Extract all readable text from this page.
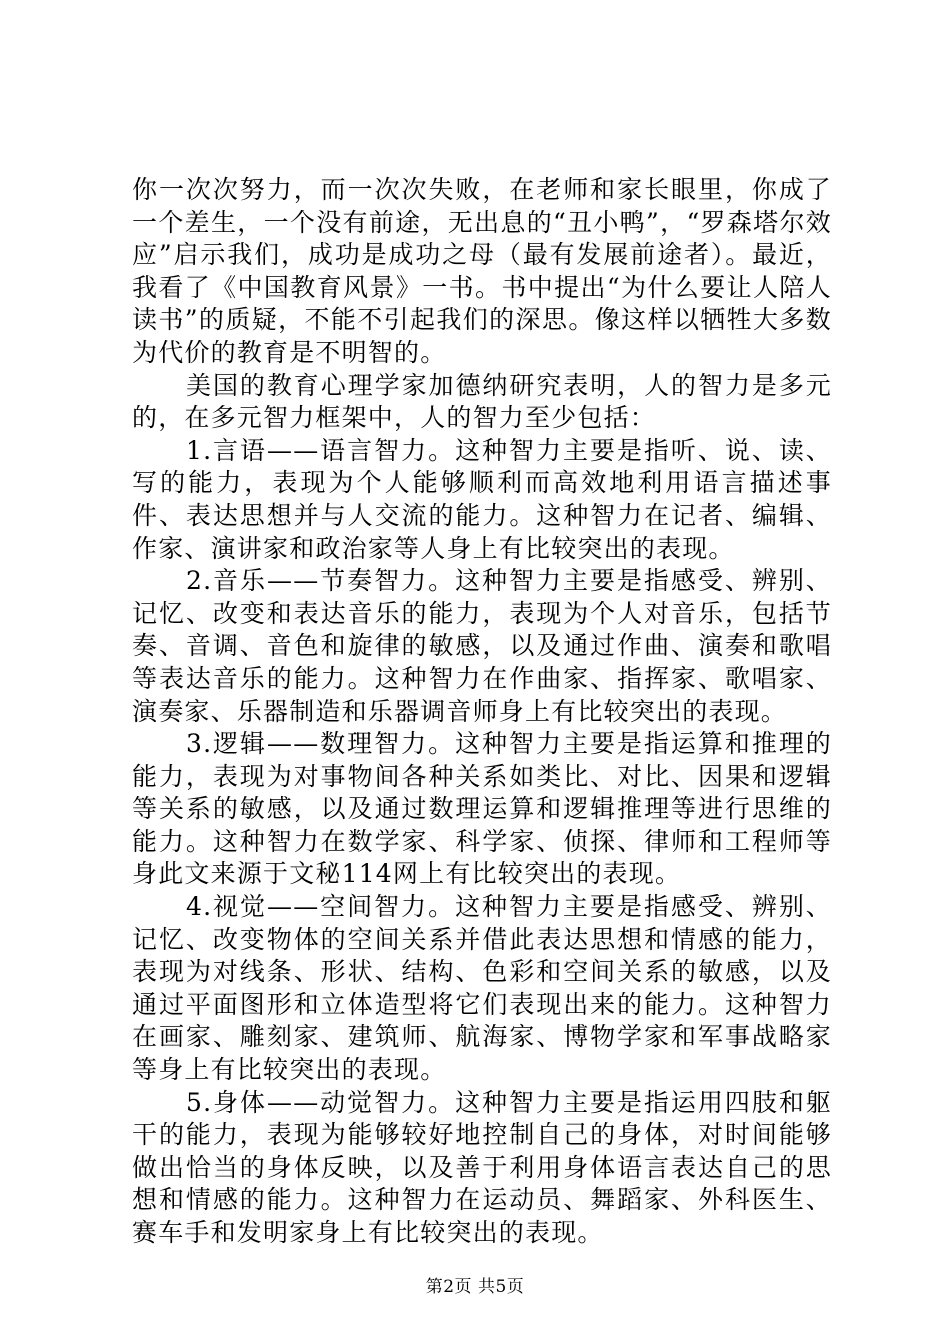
你一次次努力，而一次次失败，在老师和家长眼里，你成了一个差生，一个没有前途，无出息的“丑小鸭”，“罗森塔尔效应”启示我们，成功是成功之母（最有发展前途者）。最近，我看了《中国教育风景》一书。书中提出“为什么要让人陪人读书”的质疑，不能不引起我们的深思。像这样以牺牲大多数为代价的教育是不明智的。

美国的教育心理学家加德纳研究表明，人的智力是多元的，在多元智力框架中，人的智力至少包括：

1.言语——语言智力。这种智力主要是指听、说、读、写的能力，表现为个人能够顺利而高效地利用语言描述事件、表达思想并与人交流的能力。这种智力在记者、编辑、作家、演讲家和政治家等人身上有比较突出的表现。

2.音乐——节奏智力。这种智力主要是指感受、辨别、记忆、改变和表达音乐的能力，表现为个人对音乐，包括节奏、音调、音色和旋律的敏感，以及通过作曲、演奏和歌唱等表达音乐的能力。这种智力在作曲家、指挥家、歌唱家、演奏家、乐器制造和乐器调音师身上有比较突出的表现。

3.逻辑——数理智力。这种智力主要是指运算和推理的能力，表现为对事物间各种关系如类比、对比、因果和逻辑等关系的敏感，以及通过数理运算和逻辑推理等进行思维的能力。这种智力在数学家、科学家、侦探、律师和工程师等身此文来源于文秘114网上有比较突出的表现。

4.视觉——空间智力。这种智力主要是指感受、辨别、记忆、改变物体的空间关系并借此表达思想和情感的能力，表现为对线条、形状、结构、色彩和空间关系的敏感，以及通过平面图形和立体造型将它们表现出来的能力。这种智力在画家、雕刻家、建筑师、航海家、博物学家和军事战略家等身上有比较突出的表现。

5.身体——动觉智力。这种智力主要是指运用四肢和躯干的能力，表现为能够较好地控制自己的身体，对时间能够做出恰当的身体反映，以及善于利用身体语言表达自己的思想和情感的能力。这种智力在运动员、舞蹈家、外科医生、赛车手和发明家身上有比较突出的表现。

第2页 共5页
